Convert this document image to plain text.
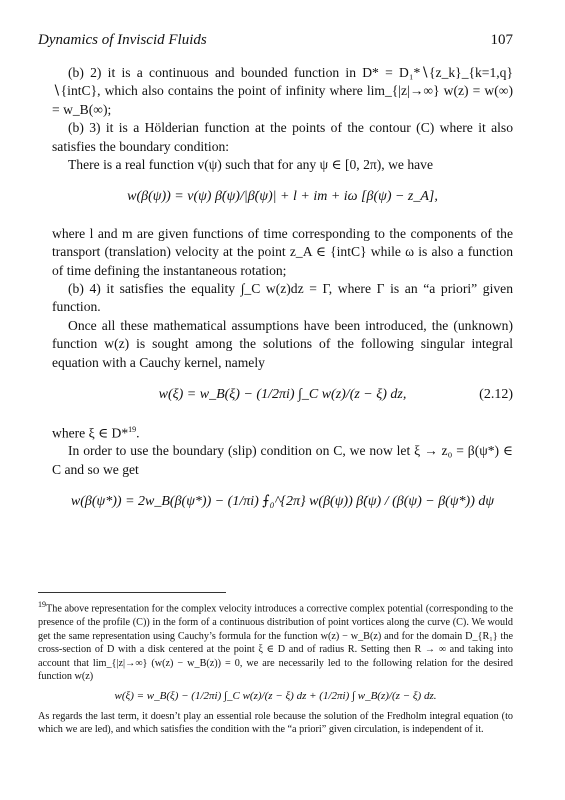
Dynamics of Inviscid Fluids	107

(b) 2) it is a continuous and bounded function in D* = D₁*∖{z_k}_{k=1,q}∖{intC}, which also contains the point of infinity where lim_{|z|→∞} w(z) = w(∞) = w_B(∞);

(b) 3) it is a Hölderian function at the points of the contour (C) where it also satisfies the boundary condition:

There is a real function v(ψ) such that for any ψ ∈ [0, 2π), we have

w(β(ψ)) = v(ψ) β̇(ψ)/|β̇(ψ)| + l + im + iω [β(ψ) − z_A],

where l and m are given functions of time corresponding to the components of the transport (translation) velocity at the point z_A ∈ {intC} while ω is also a function of time defining the instantaneous rotation;

(b) 4) it satisfies the equality ∫_C w(z)dz = Γ, where Γ is an “a priori” given function.

Once all these mathematical assumptions have been introduced, the (unknown) function w(z) is sought among the solutions of the following singular integral equation with a Cauchy kernel, namely

w(ξ) = w_B(ξ) − (1/2πi) ∫_C w(z)/(z − ξ) dz,	(2.12)

where ξ ∈ D*$^{19}$.

In order to use the boundary (slip) condition on C, we now let ξ → z₀ = β(ψ*) ∈ C and so we get

w(β(ψ*)) = 2w_B(β(ψ*)) − (1/πi) ⨍₀^{2π} w(β(ψ)) β̇(ψ) / (β(ψ) − β(ψ*)) dψ

$^{19}$The above representation for the complex velocity introduces a corrective complex potential (corresponding to the presence of the profile (C)) in the form of a continuous distribution of point vortices along the curve (C). We would get the same representation using Cauchy’s formula for the function w(z) − w_B(z) and for the domain D_{R₁} the cross-section of D with a disk centered at the point ξ ∈ D and of radius R. Setting then R → ∞ and taking into account that lim_{|z|→∞} (w(z) − w_B(z)) = 0, we are necessarily led to the following relation for the desired function w(z)

w(ξ) = w_B(ξ) − (1/2πi) ∫_C w(z)/(z − ξ) dz + (1/2πi) ∫ w_B(z)/(z − ξ) dz.

As regards the last term, it doesn’t play an essential role because the solution of the Fredholm integral equation (to which we are led), and which satisfies the condition with the “a priori” given circulation, is independent of it.
